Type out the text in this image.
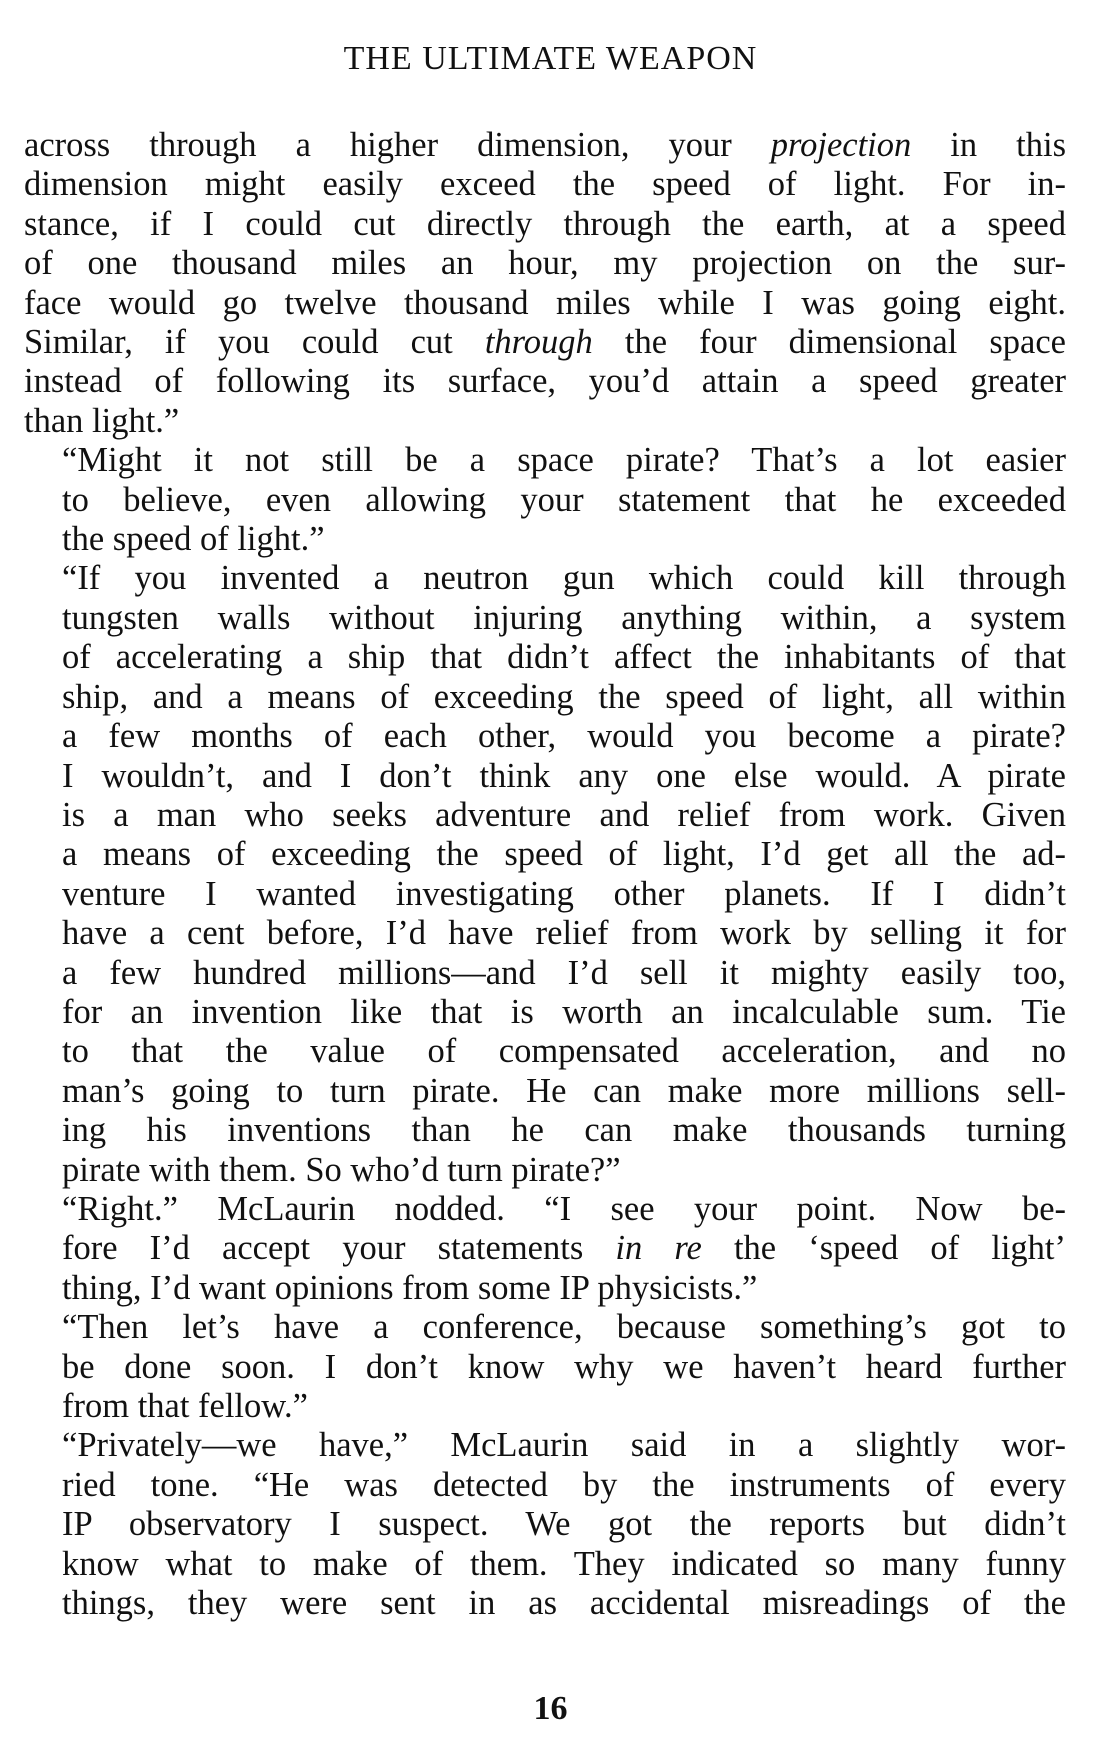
THE ULTIMATE WEAPON
across through a higher dimension, your projection in this
dimension might easily exceed the speed of light. For in-
stance, if I could cut directly through the earth, at a speed
of one thousand miles an hour, my projection on the sur-
face would go twelve thousand miles while I was going eight.
Similar, if you could cut through the four dimensional space
instead of following its surface, you’d attain a speed greater
than light.”
“Might it not still be a space pirate? That’s a lot easier
to believe, even allowing your statement that he exceeded
the speed of light.”
“If you invented a neutron gun which could kill through
tungsten walls without injuring anything within, a system
of accelerating a ship that didn’t affect the inhabitants of that
ship, and a means of exceeding the speed of light, all within
a few months of each other, would you become a pirate?
I wouldn’t, and I don’t think any one else would. A pirate
is a man who seeks adventure and relief from work. Given
a means of exceeding the speed of light, I’d get all the ad-
venture I wanted investigating other planets. If I didn’t
have a cent before, I’d have relief from work by selling it for
a few hundred millions—and I’d sell it mighty easily too,
for an invention like that is worth an incalculable sum. Tie
to that the value of compensated acceleration, and no
man’s going to turn pirate. He can make more millions sell-
ing his inventions than he can make thousands turning
pirate with them. So who’d turn pirate?”
“Right.” McLaurin nodded. “I see your point. Now be-
fore I’d accept your statements in re the ‘speed of light’
thing, I’d want opinions from some IP physicists.”
“Then let’s have a conference, because something’s got to
be done soon. I don’t know why we haven’t heard further
from that fellow.”
“Privately—we have,” McLaurin said in a slightly wor-
ried tone. “He was detected by the instruments of every
IP observatory I suspect. We got the reports but didn’t
know what to make of them. They indicated so many funny
things, they were sent in as accidental misreadings of the
16
